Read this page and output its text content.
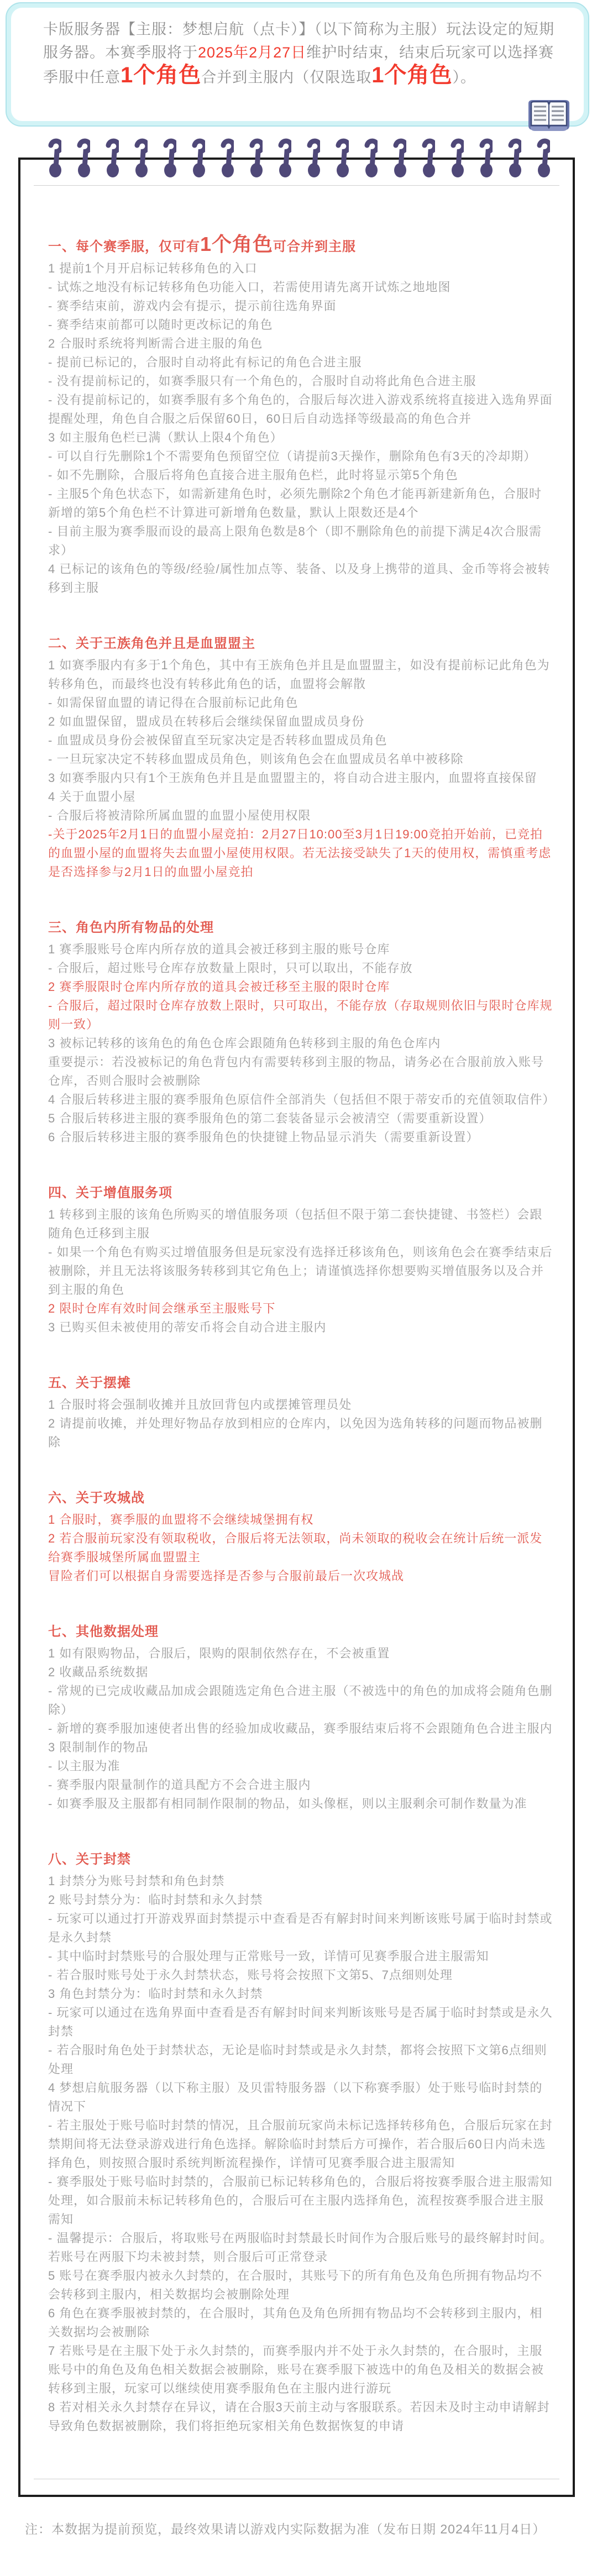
卡版服务器【主服：梦想启航（点卡）】（以下简称为主服）玩法设定的短期服务器。本赛季服将于2025年2月27日维护时结束，结束后玩家可以选择赛季服中任意1个角色合并到主服内（仅限选取1个角色）。
一、每个赛季服，仅可有1个角色可合并到主服

1 提前1个月开启标记转移角色的入口

- 试炼之地没有标记转移角色功能入口，若需使用请先离开试炼之地地图

- 赛季结束前，游戏内会有提示，提示前往选角界面

- 赛季结束前都可以随时更改标记的角色

2 合服时系统将判断需合进主服的角色

- 提前已标记的，合服时自动将此有标记的角色合进主服

- 没有提前标记的，如赛季服只有一个角色的，合服时自动将此角色合进主服

- 没有提前标记的，如赛季服有多个角色的，合服后每次进入游戏系统将直接进入选角界面提醒处理，角色自合服之后保留60日，60日后自动选择等级最高的角色合并

3 如主服角色栏已满（默认上限4个角色）

- 可以自行先删除1个不需要角色预留空位（请提前3天操作，删除角色有3天的冷却期）

- 如不先删除，合服后将角色直接合进主服角色栏，此时将显示第5个角色

- 主服5个角色状态下，如需新建角色时，必须先删除2个角色才能再新建新角色，合服时新增的第5个角色栏不计算进可新增角色数量，默认上限数还是4个

- 目前主服为赛季服而设的最高上限角色数是8个（即不删除角色的前提下满足4次合服需求）

4 已标记的该角色的等级/经验/属性加点等、装备、以及身上携带的道具、金币等将会被转移到主服

二、关于王族角色并且是血盟盟主

1 如赛季服内有多于1个角色，其中有王族角色并且是血盟盟主，如没有提前标记此角色为转移角色，而最终也没有转移此角色的话，血盟将会解散

- 如需保留血盟的请记得在合服前标记此角色

2 如血盟保留，盟成员在转移后会继续保留血盟成员身份

- 血盟成员身份会被保留直至玩家决定是否转移血盟成员角色

- 一旦玩家决定不转移血盟成员角色，则该角色会在血盟成员名单中被移除

3 如赛季服内只有1个王族角色并且是血盟盟主的，将自动合进主服内，血盟将直接保留

4 关于血盟小屋

- 合服后将被清除所属血盟的血盟小屋使用权限

-关于2025年2月1日的血盟小屋竞拍：2月27日10:00至3月1日19:00竞拍开始前，已竞拍的血盟小屋的血盟将失去血盟小屋使用权限。若无法接受缺失了1天的使用权，需慎重考虑是否选择参与2月1日的血盟小屋竞拍

三、角色内所有物品的处理

1 赛季服账号仓库内所存放的道具会被迁移到主服的账号仓库

- 合服后，超过账号仓库存放数量上限时，只可以取出，不能存放

2 赛季服限时仓库内所存放的道具会被迁移至主服的限时仓库

- 合服后，超过限时仓库存放数上限时，只可取出，不能存放（存取规则依旧与限时仓库规则一致）

3 被标记转移的该角色的角色仓库会跟随角色转移到主服的角色仓库内

重要提示：若没被标记的角色背包内有需要转移到主服的物品，请务必在合服前放入账号仓库，否则合服时会被删除

4 合服后转移进主服的赛季服角色原信件全部消失（包括但不限于蒂安币的充值领取信件）

5 合服后转移进主服的赛季服角色的第二套装备显示会被清空（需要重新设置）

6 合服后转移进主服的赛季服角色的快捷键上物品显示消失（需要重新设置）

四、关于增值服务项

1 转移到主服的该角色所购买的增值服务项（包括但不限于第二套快捷键、书签栏）会跟随角色迁移到主服

- 如果一个角色有购买过增值服务但是玩家没有选择迁移该角色，则该角色会在赛季结束后被删除，并且无法将该服务转移到其它角色上；请谨慎选择你想要购买增值服务以及合并到主服的角色

2 限时仓库有效时间会继承至主服账号下

3 已购买但未被使用的蒂安币将会自动合进主服内

五、关于摆摊

1 合服时将会强制收摊并且放回背包内或摆摊管理员处

2 请提前收摊，并处理好物品存放到相应的仓库内，以免因为选角转移的问题而物品被删除

六、关于攻城战

1 合服时，赛季服的血盟将不会继续城堡拥有权

2 若合服前玩家没有领取税收，合服后将无法领取，尚未领取的税收会在统计后统一派发给赛季服城堡所属血盟盟主

冒险者们可以根据自身需要选择是否参与合服前最后一次攻城战

七、其他数据处理

1 如有限购物品，合服后，限购的限制依然存在，不会被重置

2 收藏品系统数据

- 常规的已完成收藏品加成会跟随选定角色合进主服（不被选中的角色的加成将会随角色删除）

- 新增的赛季服加速使者出售的经验加成收藏品，赛季服结束后将不会跟随角色合进主服内

3 限制制作的物品

- 以主服为准

- 赛季服内限量制作的道具配方不会合进主服内

- 如赛季服及主服都有相同制作限制的物品，如头像框，则以主服剩余可制作数量为准

八、关于封禁

1 封禁分为账号封禁和角色封禁

2 账号封禁分为：临时封禁和永久封禁

- 玩家可以通过打开游戏界面封禁提示中查看是否有解封时间来判断该账号属于临时封禁或是永久封禁

- 其中临时封禁账号的合服处理与正常账号一致，详情可见赛季服合进主服需知

- 若合服时账号处于永久封禁状态，账号将会按照下文第5、7点细则处理

3 角色封禁分为：临时封禁和永久封禁

- 玩家可以通过在选角界面中查看是否有解封时间来判断该账号是否属于临时封禁或是永久封禁

- 若合服时角色处于封禁状态，无论是临时封禁或是永久封禁，都将会按照下文第6点细则处理

4 梦想启航服务器（以下称主服）及贝雷特服务器（以下称赛季服）处于账号临时封禁的情况下

- 若主服处于账号临时封禁的情况，且合服前玩家尚未标记选择转移角色，合服后玩家在封禁期间将无法登录游戏进行角色选择。解除临时封禁后方可操作，若合服后60日内尚未选择角色，则按照合服时系统判断流程操作，详情可见赛季服合进主服需知

- 赛季服处于账号临时封禁的，合服前已标记转移角色的，合服后将按赛季服合进主服需知处理，如合服前未标记转移角色的，合服后可在主服内选择角色，流程按赛季服合进主服需知

- 温馨提示：合服后，将取账号在两服临时封禁最长时间作为合服后账号的最终解封时间。若账号在两服下均未被封禁，则合服后可正常登录

5 账号在赛季服内被永久封禁的，在合服时，其账号下的所有角色及角色所拥有物品均不会转移到主服内，相关数据均会被删除处理

6 角色在赛季服被封禁的，在合服时，其角色及角色所拥有物品均不会转移到主服内，相关数据均会被删除

7 若账号是在主服下处于永久封禁的，而赛季服内并不处于永久封禁的，在合服时，主服账号中的角色及角色相关数据会被删除，账号在赛季服下被选中的角色及相关的数据会被转移到主服，玩家可以继续使用赛季服角色在主服内进行游玩

8 若对相关永久封禁存在异议，请在合服3天前主动与客服联系。若因未及时主动申请解封导致角色数据被删除，我们将拒绝玩家相关角色数据恢复的申请

注：本数据为提前预览，最终效果请以游戏内实际数据为准（发布日期 2024年11月4日）
